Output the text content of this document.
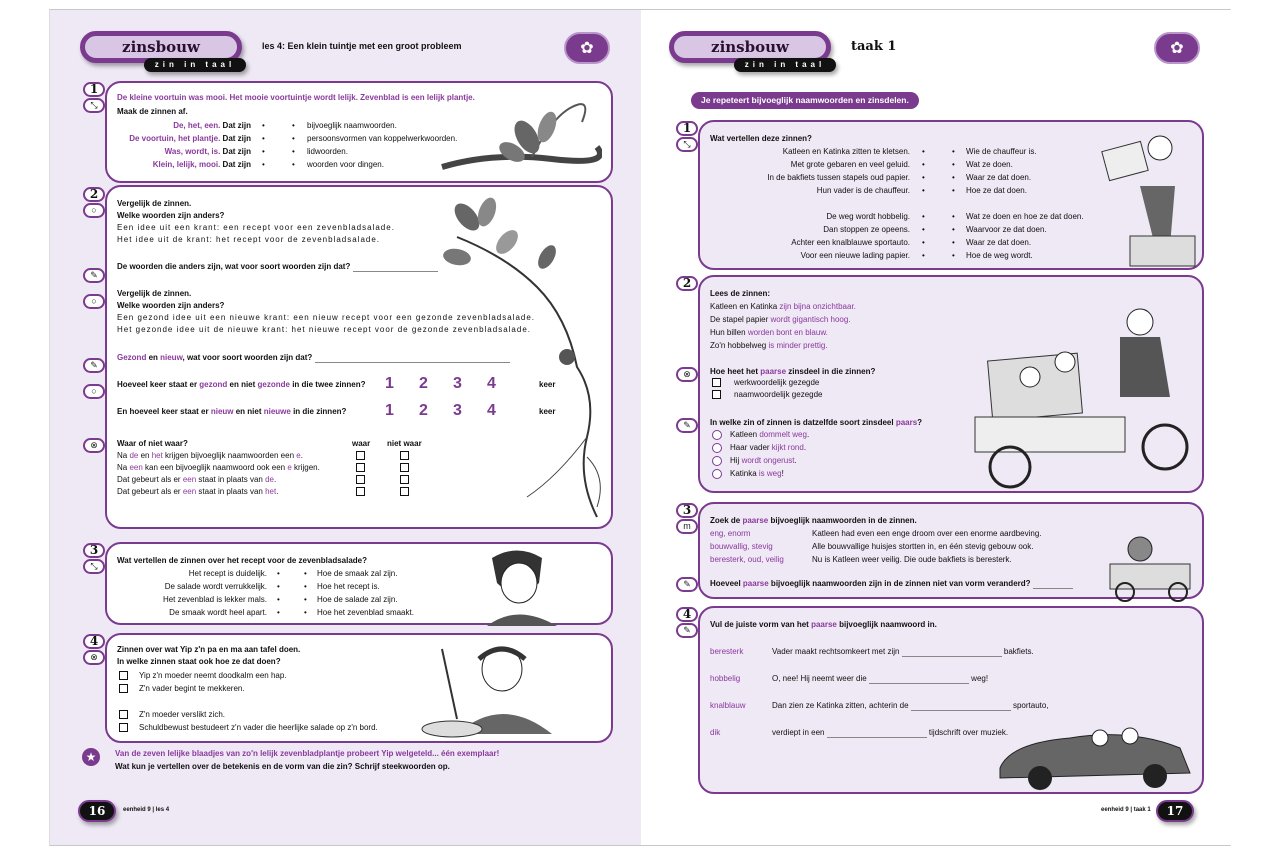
zinsbouw
zin in taal
les 4: Een klein tuintje met een groot probleem	✿
1
⤡
De kleine voortuin was mooi. Het mooie voortuintje wordt lelijk. Zevenblad is een lelijk plantje.
Maak de zinnen af.
De, het, een. Dat zijn •	• bijvoeglijk naamwoorden.
De voortuin, het plantje. Dat zijn •	• persoonsvormen van koppelwerkwoorden.
Was, wordt, is. Dat zijn •	• lidwoorden.
Klein, lelijk, mooi. Dat zijn •	• woorden voor dingen.
2
○
Vergelijk de zinnen.
Welke woorden zijn anders?
Een idee uit een krant: een recept voor een zevenbladsalade.
Het idee uit de krant: het recept voor de zevenbladsalade.
De woorden die anders zijn, wat voor soort woorden zijn dat?
Vergelijk de zinnen.
Welke woorden zijn anders?
Een gezond idee uit een nieuwe krant: een nieuw recept voor een gezonde zevenbladsalade.
Het gezonde idee uit de nieuwe krant: het nieuwe recept voor de gezonde zevenbladsalade.
Gezond en nieuw, wat voor soort woorden zijn dat?
Hoeveel keer staat er gezond en niet gezonde in die twee zinnen?
En hoeveel keer staat er nieuw en niet nieuwe in die zinnen?
1 2 3 4	keer
1 2 3 4	keer
Waar of niet waar?	waar niet waar
Na de en het krijgen bijvoeglijk naamwoorden een e.
Na een kan een bijvoeglijk naamwoord ook een e krijgen.
Dat gebeurt als er een staat in plaats van de.
Dat gebeurt als er een staat in plaats van het.
✎
○
✎
○
⊗
3
⤡
Wat vertellen de zinnen over het recept voor de zevenbladsalade?
Het recept is duidelijk. •	• Hoe de smaak zal zijn.
De salade wordt verrukkelijk. •	• Hoe het recept is.
Het zevenblad is lekker mals. •	• Hoe de salade zal zijn.
De smaak wordt heel apart. •	• Hoe het zevenblad smaakt.
4
⊗
Zinnen over wat Yip z'n pa en ma aan tafel doen.
In welke zinnen staat ook hoe ze dat doen?
Yip z'n moeder neemt doodkalm een hap.
Z'n vader begint te mekkeren.
Z'n moeder verslikt zich.
Schuldbewust bestudeert z'n vader die heerlijke salade op z'n bord.
★	Van de zeven lelijke blaadjes van zo'n lelijk zevenbladplantje probeert Yip welgeteld... één exemplaar!
Wat kun je vertellen over de betekenis en de vorm van die zin? Schrijf steekwoorden op.
16	eenheid 9 | les 4
zinsbouw
zin in taal
taak 1	✿
Je repeteert bijvoeglijk naamwoorden en zinsdelen.
1
⤡
Wat vertellen deze zinnen?
Katleen en Katinka zitten te kletsen. •	• Wie de chauffeur is.
Met grote gebaren en veel geluid. •	• Wat ze doen.
In de bakfiets tussen stapels oud papier. •	• Waar ze dat doen.
Hun vader is de chauffeur. •	• Hoe ze dat doen.
De weg wordt hobbelig. •	• Wat ze doen en hoe ze dat doen.
Dan stoppen ze opeens. •	• Waarvoor ze dat doen.
Achter een knalblauwe sportauto. •	• Waar ze dat doen.
Voor een nieuwe lading papier. •	• Hoe de weg wordt.
2
Lees de zinnen:
Katleen en Katinka zijn bijna onzichtbaar.
De stapel papier wordt gigantisch hoog.
Hun billen worden bont en blauw.
Zo'n hobbelweg is minder prettig.
Hoe heet het paarse zinsdeel in die zinnen?
werkwoordelijk gezegde
naamwoordelijk gezegde
In welke zin of zinnen is datzelfde soort zinsdeel paars?
Katleen dommelt weg.
Haar vader kijkt rond.
Hij wordt ongerust.
Katinka is weg!
⊗
✎
3
m
Zoek de paarse bijvoeglijk naamwoorden in de zinnen.
eng, enorm	Katleen had even een enge droom over een enorme aardbeving.
bouwvallig, stevig	Alle bouwvallige huisjes stortten in, en één stevig gebouw ook.
beresterk, oud, veilig	Nu is Katleen weer veilig. Die oude bakfiets is beresterk.
Hoeveel paarse bijvoeglijk naamwoorden zijn in de zinnen niet van vorm veranderd?
✎
4
✎
Vul de juiste vorm van het paarse bijvoeglijk naamwoord in.
beresterk	Vader maakt rechtsomkeert met zijn	bakfiets.
hobbelig	O, nee! Hij neemt weer die	weg!
knalblauw	Dan zien ze Katinka zitten, achterin de	sportauto,
dik	verdiept in een	tijdschrift over muziek.
eenheid 9 | taak 1	17
